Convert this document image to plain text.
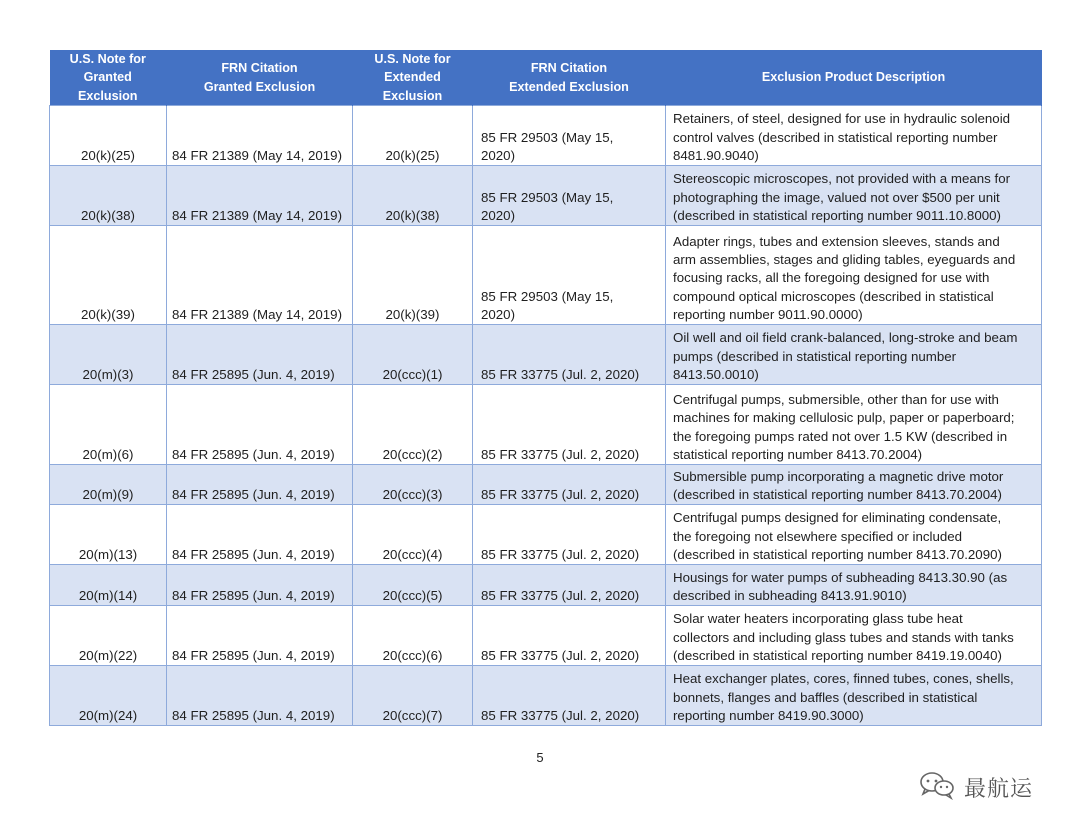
U.S. Note for
Granted
Exclusion	FRN Citation
Granted Exclusion	U.S. Note for
Extended
Exclusion	FRN Citation
Extended Exclusion	Exclusion Product Description
20(k)(25)	84 FR 21389 (May 14, 2019)	20(k)(25)	85 FR 29503 (May 15,
2020)	Retainers, of steel, designed for use in hydraulic solenoid
control valves (described in statistical reporting number
8481.90.9040)
20(k)(38)	84 FR 21389 (May 14, 2019)	20(k)(38)	85 FR 29503 (May 15,
2020)	Stereoscopic microscopes, not provided with a means for
photographing the image, valued not over $500 per unit
(described in statistical reporting number 9011.10.8000)
20(k)(39)	84 FR 21389 (May 14, 2019)	20(k)(39)	85 FR 29503 (May 15,
2020)	Adapter rings, tubes and extension sleeves, stands and
arm assemblies, stages and gliding tables, eyeguards and
focusing racks, all the foregoing designed for use with
compound optical microscopes (described in statistical
reporting number 9011.90.0000)
20(m)(3)	84 FR 25895 (Jun. 4, 2019)	20(ccc)(1)	85 FR 33775 (Jul. 2, 2020)	Oil well and oil field crank-balanced, long-stroke and beam
pumps (described in statistical reporting number
8413.50.0010)
20(m)(6)	84 FR 25895 (Jun. 4, 2019)	20(ccc)(2)	85 FR 33775 (Jul. 2, 2020)	Centrifugal pumps, submersible, other than for use with
machines for making cellulosic pulp, paper or paperboard;
the foregoing pumps rated not over 1.5 KW (described in
statistical reporting number 8413.70.2004)
20(m)(9)	84 FR 25895 (Jun. 4, 2019)	20(ccc)(3)	85 FR 33775 (Jul. 2, 2020)	Submersible pump incorporating a magnetic drive motor
(described in statistical reporting number 8413.70.2004)
20(m)(13)	84 FR 25895 (Jun. 4, 2019)	20(ccc)(4)	85 FR 33775 (Jul. 2, 2020)	Centrifugal pumps designed for eliminating condensate,
the foregoing not elsewhere specified or included
(described in statistical reporting number 8413.70.2090)
20(m)(14)	84 FR 25895 (Jun. 4, 2019)	20(ccc)(5)	85 FR 33775 (Jul. 2, 2020)	Housings for water pumps of subheading 8413.30.90 (as
described in subheading 8413.91.9010)
20(m)(22)	84 FR 25895 (Jun. 4, 2019)	20(ccc)(6)	85 FR 33775 (Jul. 2, 2020)	Solar water heaters incorporating glass tube heat
collectors and including glass tubes and stands with tanks
(described in statistical reporting number 8419.19.0040)
20(m)(24)	84 FR 25895 (Jun. 4, 2019)	20(ccc)(7)	85 FR 33775 (Jul. 2, 2020)	Heat exchanger plates, cores, finned tubes, cones, shells,
bonnets, flanges and baffles (described in statistical
reporting number 8419.90.3000)
5
最航运
